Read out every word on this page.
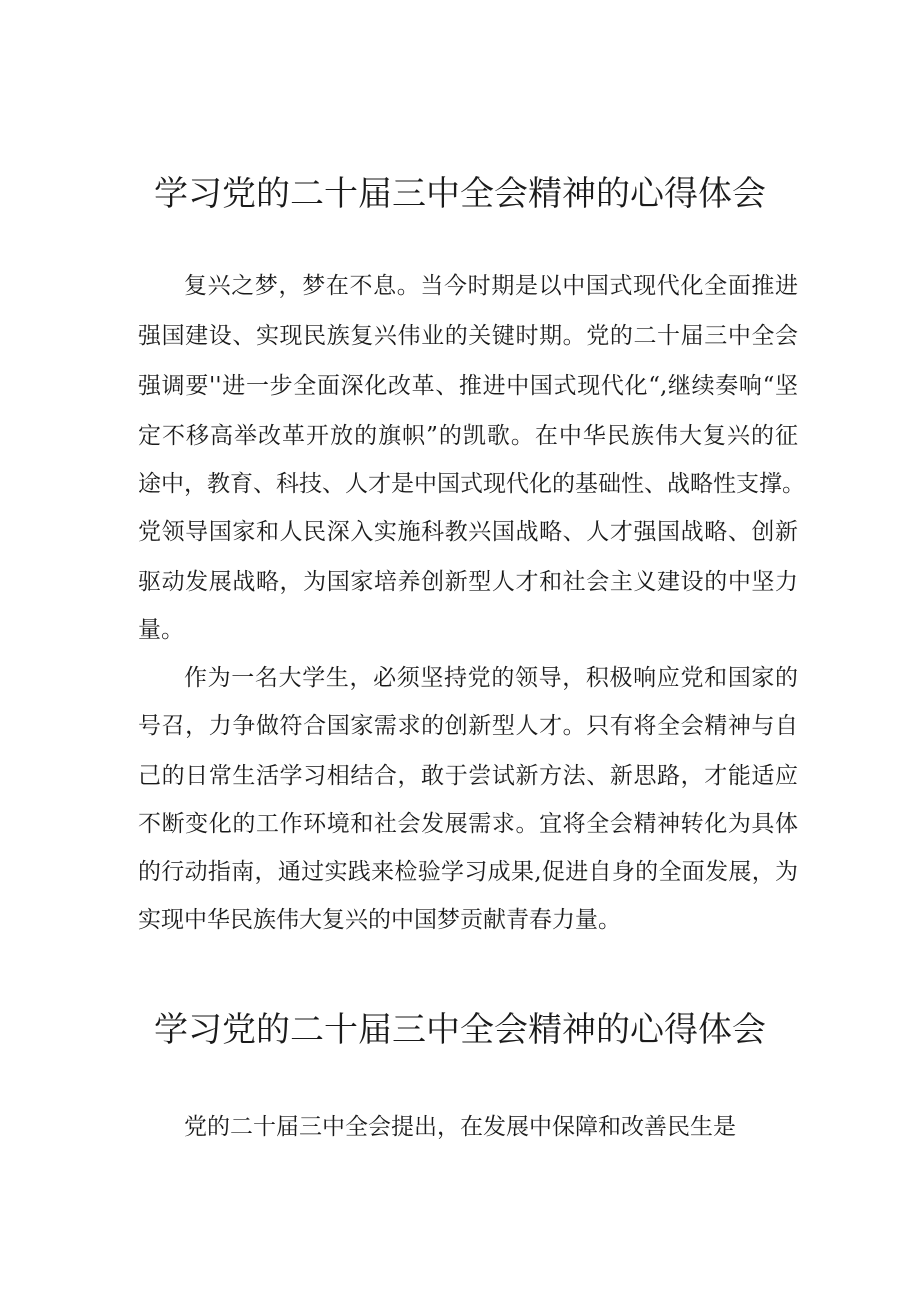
学习党的二十届三中全会精神的心得体会
复兴之梦，梦在不息。当今时期是以中国式现代化全面推进
强国建设、实现民族复兴伟业的关键时期。党的二十届三中全会
强调要''进一步全面深化改革、推进中国式现代化“,继续奏响“坚
定不移高举改革开放的旗帜”的凯歌。在中华民族伟大复兴的征
途中，教育、科技、人才是中国式现代化的基础性、战略性支撑。
党领导国家和人民深入实施科教兴国战略、人才强国战略、创新
驱动发展战略，为国家培养创新型人才和社会主义建设的中坚力
量。
作为一名大学生，必须坚持党的领导，积极响应党和国家的
号召，力争做符合国家需求的创新型人才。只有将全会精神与自
己的日常生活学习相结合，敢于尝试新方法、新思路，才能适应
不断变化的工作环境和社会发展需求。宜将全会精神转化为具体
的行动指南，通过实践来检验学习成果,促进自身的全面发展，为
实现中华民族伟大复兴的中国梦贡献青春力量。
学习党的二十届三中全会精神的心得体会
党的二十届三中全会提出，在发展中保障和改善民生是
